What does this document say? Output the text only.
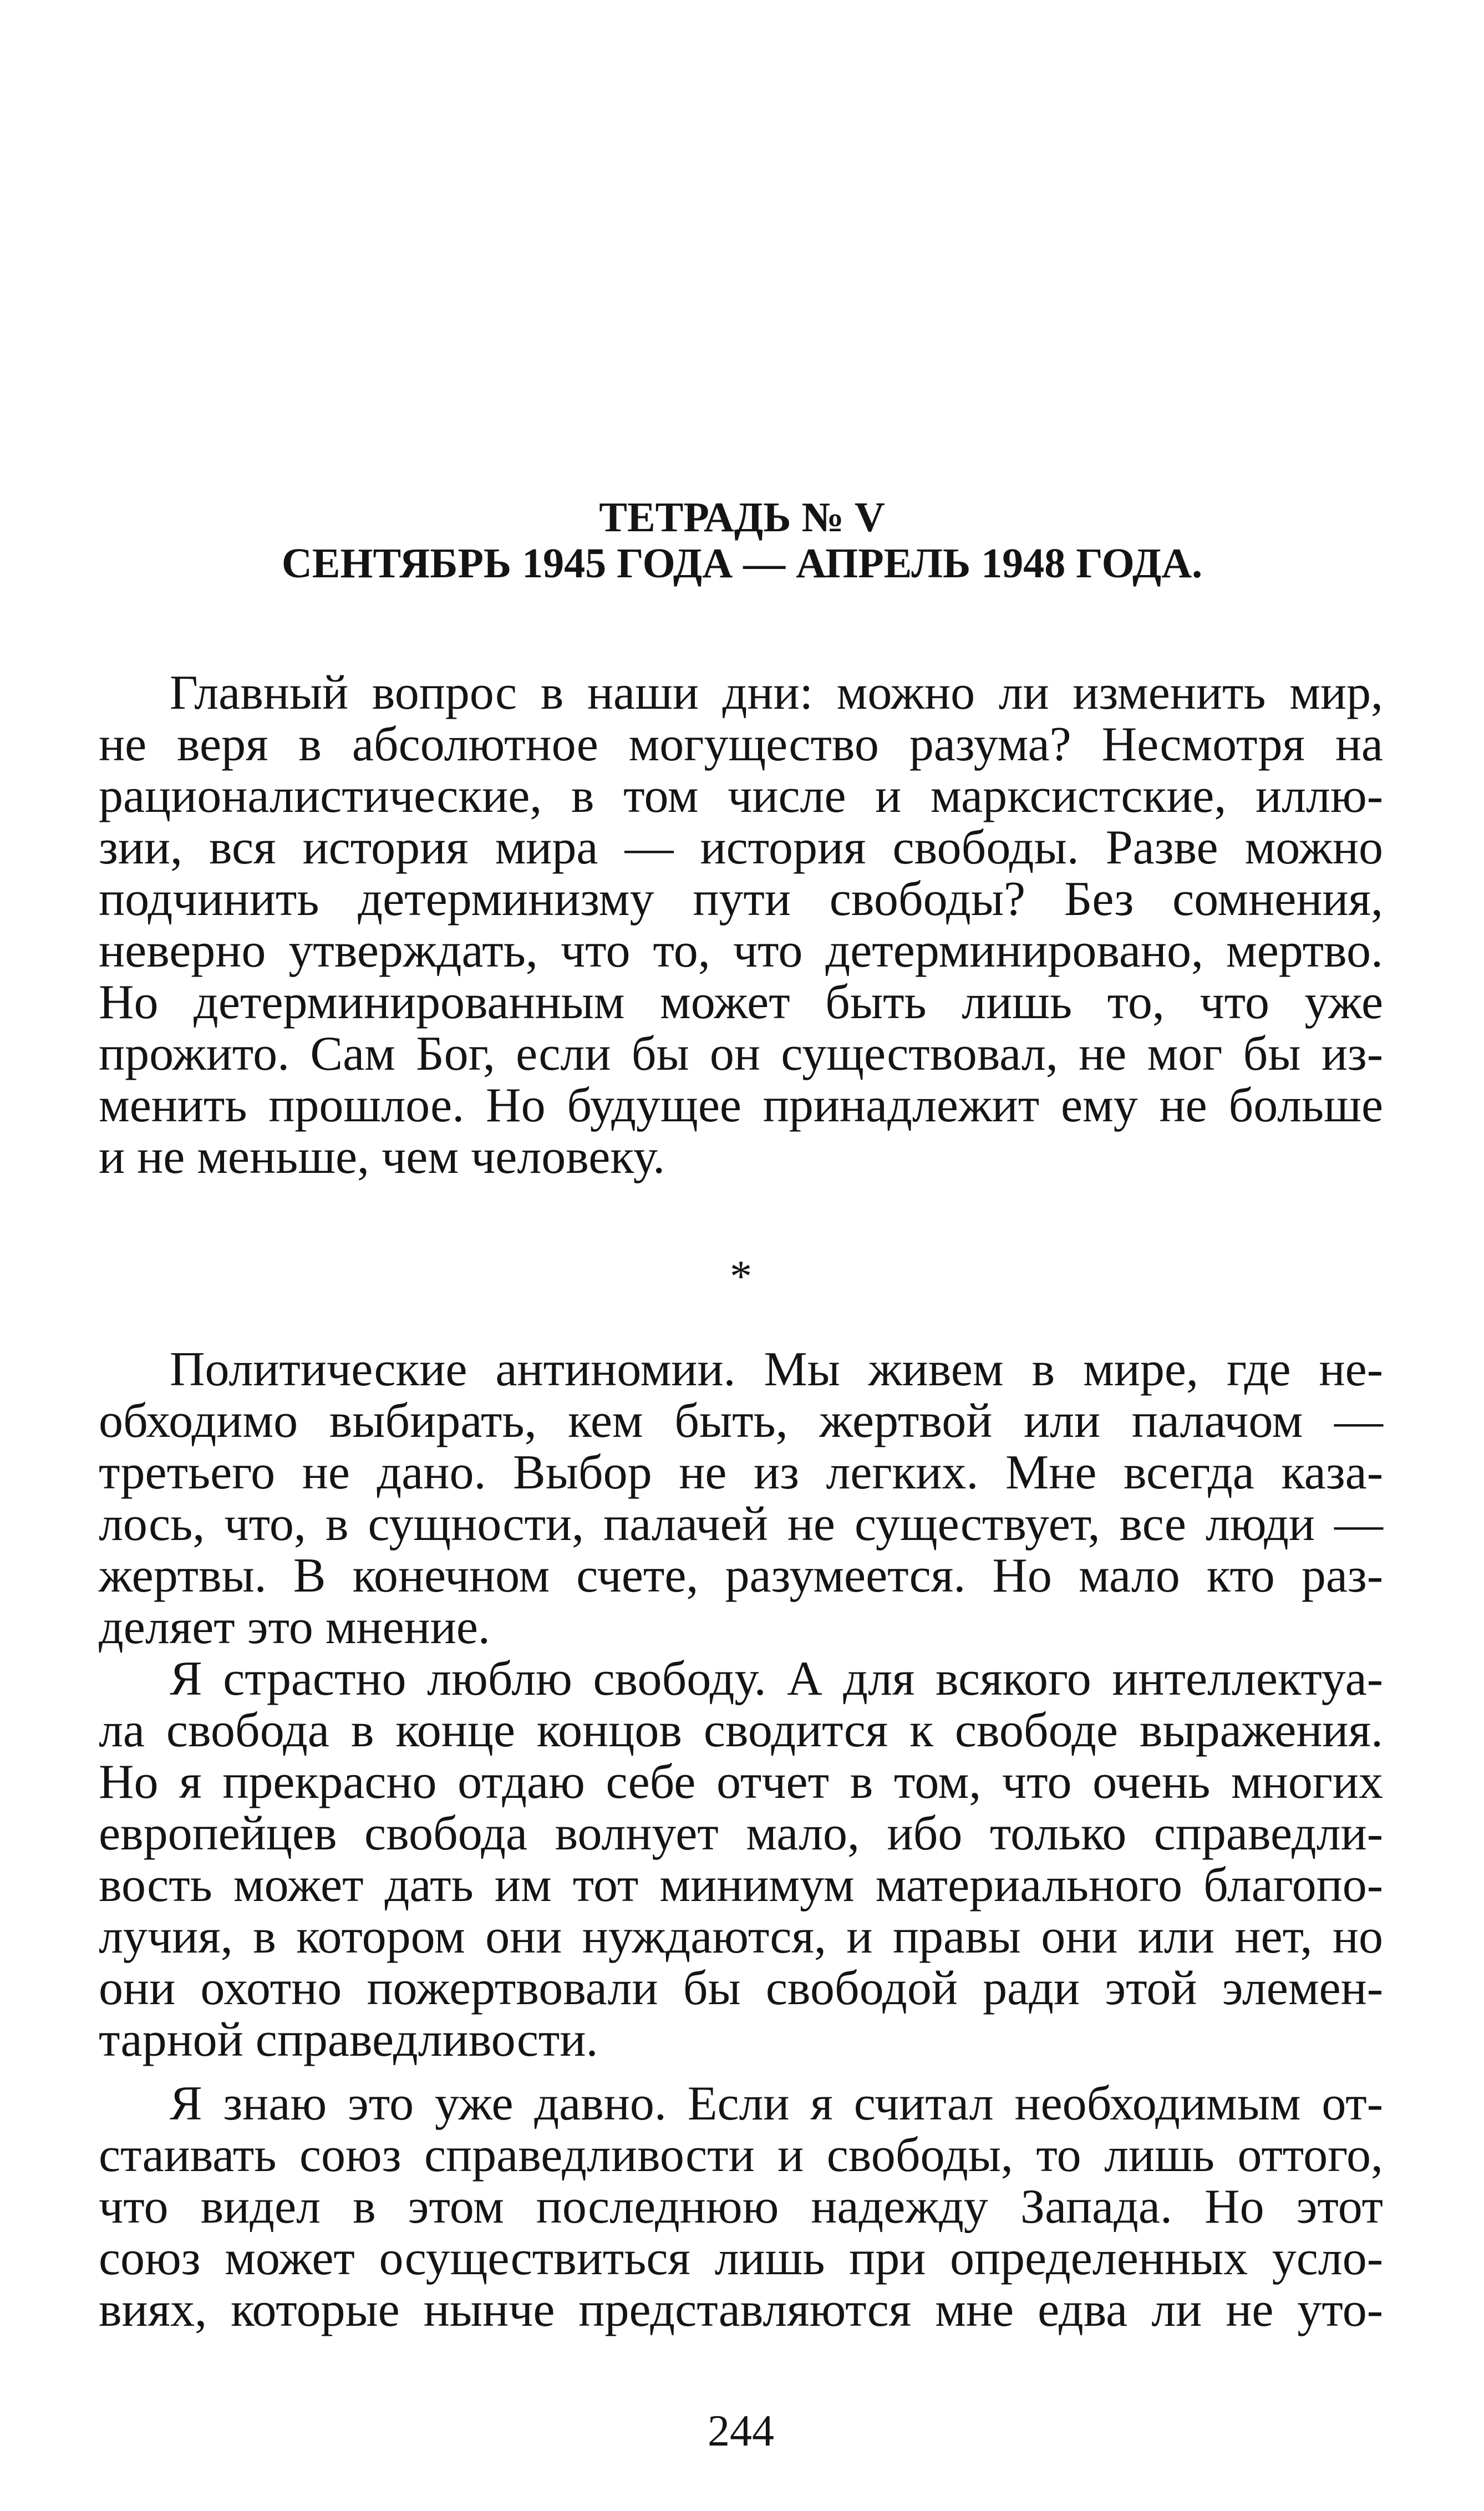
ТЕТРАДЬ № V
СЕНТЯБРЬ 1945 ГОДА — АПРЕЛЬ 1948 ГОДА.
Главный вопрос в наши дни: можно ли изменить мир,
не веря в абсолютное могущество разума? Несмотря на
рационалистические, в том числе и марксистские, иллю-
зии, вся история мира — история свободы. Разве можно
подчинить детерминизму пути свободы? Без сомнения,
неверно утверждать, что то, что детерминировано, мертво.
Но детерминированным может быть лишь то, что уже
прожито. Сам Бог, если бы он существовал, не мог бы из-
менить прошлое. Но будущее принадлежит ему не больше
и не меньше, чем человеку.
*
Политические антиномии. Мы живем в мире, где не-
обходимо выбирать, кем быть, жертвой или палачом —
третьего не дано. Выбор не из легких. Мне всегда каза-
лось, что, в сущности, палачей не существует, все люди —
жертвы. В конечном счете, разумеется. Но мало кто раз-
деляет это мнение.
Я страстно люблю свободу. А для всякого интеллектуа-
ла свобода в конце концов сводится к свободе выражения.
Но я прекрасно отдаю себе отчет в том, что очень многих
европейцев свобода волнует мало, ибо только справедли-
вость может дать им тот минимум материального благопо-
лучия, в котором они нуждаются, и правы они или нет, но
они охотно пожертвовали бы свободой ради этой элемен-
тарной справедливости.
Я знаю это уже давно. Если я считал необходимым от-
стаивать союз справедливости и свободы, то лишь оттого,
что видел в этом последнюю надежду Запада. Но этот
союз может осуществиться лишь при определенных усло-
виях, которые нынче представляются мне едва ли не уто-
244
